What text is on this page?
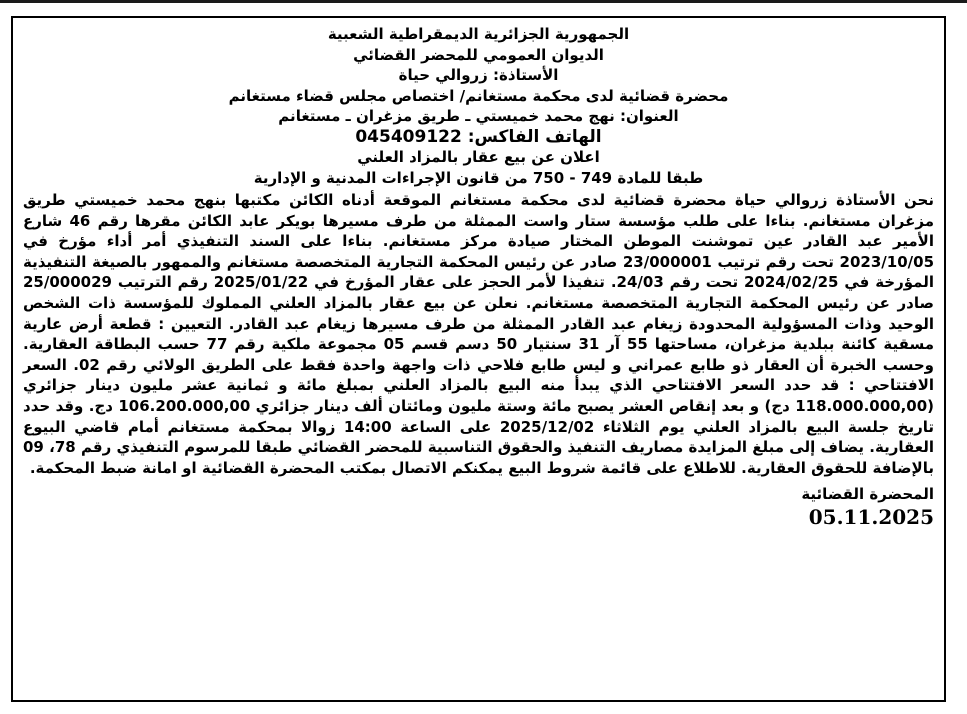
الجمهورية الجزائرية الديمقراطية الشعبية
الديوان العمومي للمحضر القضائي
الأستاذة: زروالي حياة
محضرة قضائية لدى محكمة مستغانم/ اختصاص مجلس قضاء مستغانم
العنوان: نهج محمد خميستي ـ طريق مزغران ـ مستغانم
الهاتف الفاكس: 045409122
اعلان عن بيع عقار بالمزاد العلني
طبقا للمادة 749 - 750 من قانون الإجراءات المدنية و الإدارية

نحن الأستاذة زروالي حياة محضرة قضائية لدى محكمة مستغانم الموقعة أدناه الكائن مكتبها بنهج محمد خميستي طريق مزغران مستغانم. بناءا على طلب مؤسسة ستار واست الممثلة من طرف مسيرها بويكر عابد الكائن مقرها رقم 46 شارع الأمير عبد القادر عين تموشنت الموطن المختار صيادة مركز مستغانم. بناءا على السند التنفيذي أمر أداء مؤرخ في 2023/10/05 تحت رقم ترتيب 23/000001 صادر عن رئيس المحكمة التجارية المتخصصة مستغانم والممهور بالصيغة التنفيذية المؤرخة في 2024/02/25 تحت رقم 24/03. تنفيذا لأمر الحجز على عقار المؤرخ في 2025/01/22 رقم الترتيب 25/000029 صادر عن رئيس المحكمة التجارية المتخصصة مستغانم. نعلن عن بيع عقار بالمزاد العلني المملوك للمؤسسة ذات الشخص الوحيد وذات المسؤولية المحدودة زيغام عبد القادر الممثلة من طرف مسيرها زيغام عبد القادر. التعيين : قطعة أرض عارية مسقية كائنة ببلدية مزغران، مساحتها 55 آر 31 سنتيار 50 دسم قسم 05 مجموعة ملكية رقم 77 حسب البطاقة العقارية. وحسب الخبرة أن العقار ذو طابع عمراني و ليس طابع فلاحي ذات واجهة واحدة فقط على الطريق الولائي رقم 02. السعر الافتتاحي : قد حدد السعر الافتتاحي الذي يبدأ منه البيع بالمزاد العلني بمبلغ مائة و ثمانية عشر مليون دينار جزائري (118.000.000,00 دج) و بعد إنقاص العشر يصبح مائة وستة مليون ومائتان ألف دينار جزائري 106.200.000,00 دج. وقد حدد تاريخ جلسة البيع بالمزاد العلني يوم الثلاثاء 2025/12/02 على الساعة 14:00 زوالا بمحكمة مستغانم أمام قاضي البيوع العقارية. يضاف إلى مبلغ المزايدة مصاريف التنفيذ والحقوق التناسبية للمحضر القضائي طبقا للمرسوم التنفيذي رقم 78، 09 بالإضافة للحقوق العقارية. للاطلاع على قائمة شروط البيع يمكنكم الاتصال بمكتب المحضرة القضائية او امانة ضبط المحكمة.

المحضرة القضائية
05.11.2025
